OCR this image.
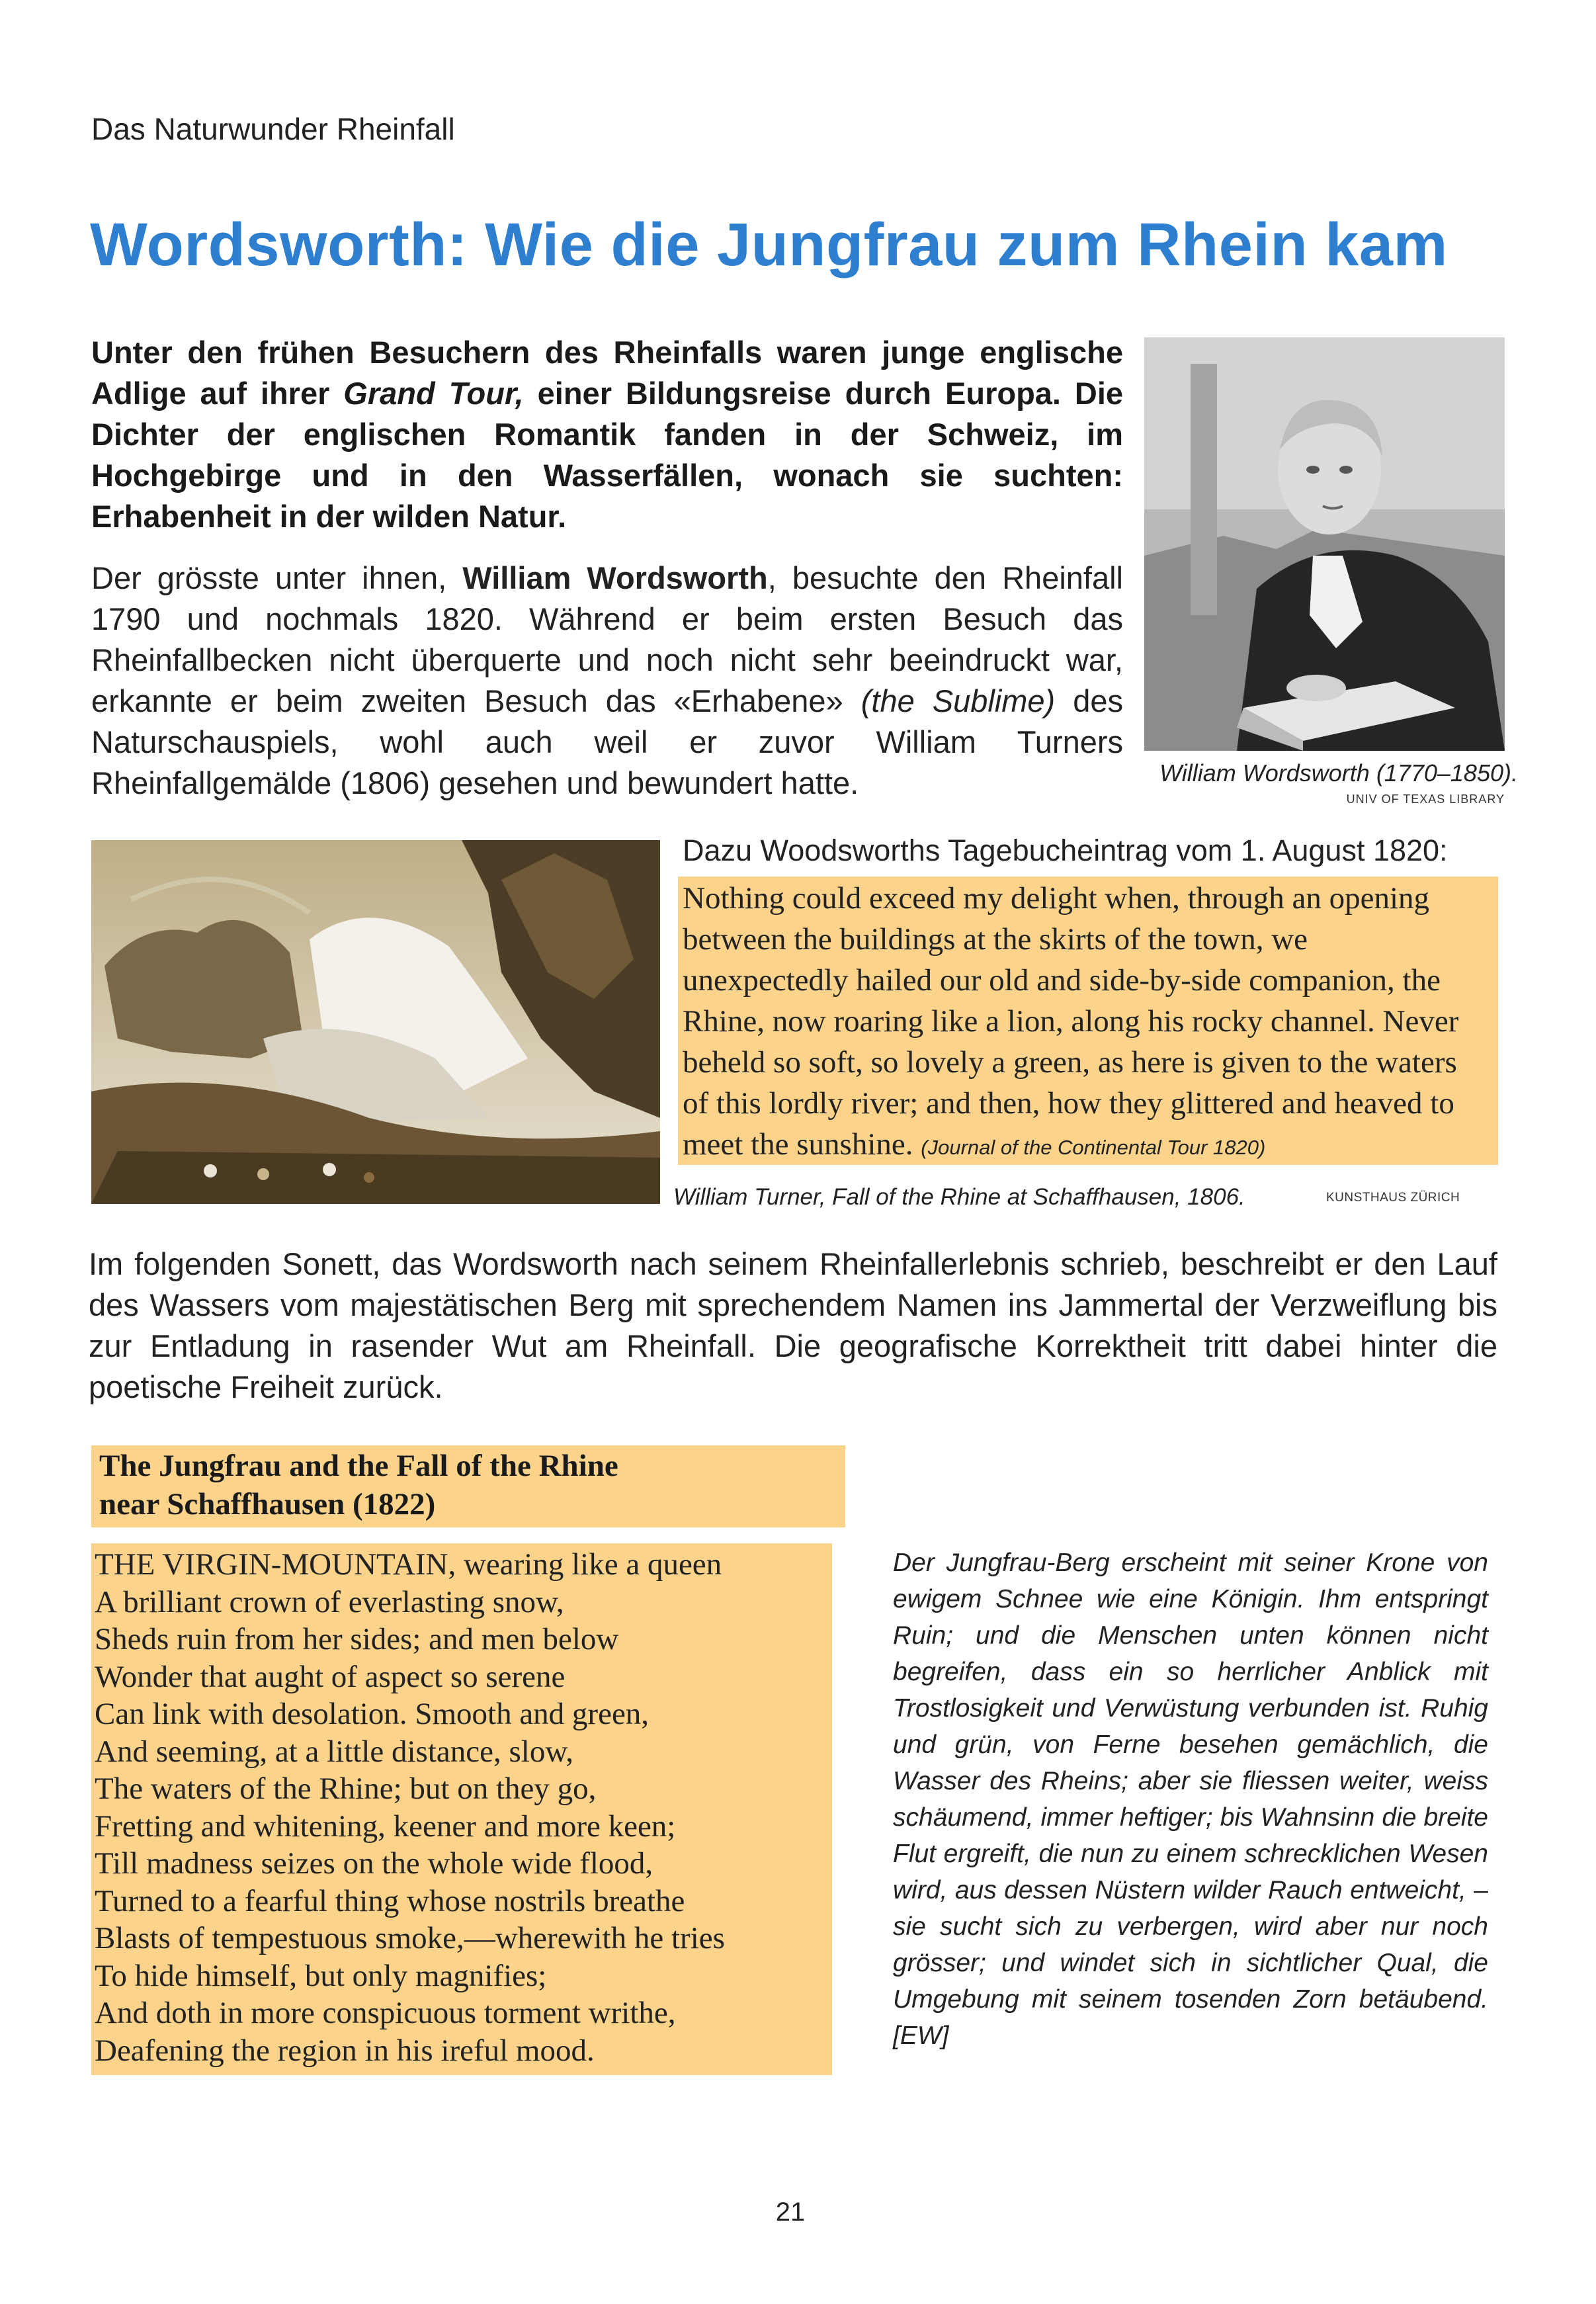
Das Naturwunder Rheinfall
Wordsworth: Wie die Jungfrau zum Rhein kam
Unter den frühen Besuchern des Rheinfalls waren junge englische Adlige auf ihrer Grand Tour, einer Bildungsreise durch Europa. Die Dichter der englischen Romantik fanden in der Schweiz, im Hochgebirge und in den Wasserfällen, wonach sie suchten: Erhabenheit in der wilden Natur.
Der grösste unter ihnen, William Wordsworth, besuchte den Rheinfall 1790 und nochmals 1820. Während er beim ersten Besuch das Rheinfallbecken nicht überquerte und noch nicht sehr beeindruckt war, erkannte er beim zweiten Besuch das «Erhabene» (the Sublime) des Naturschauspiels, wohl auch weil er zuvor William Turners Rheinfallgemälde (1806) gesehen und bewundert hatte.	William Wordsworth (1770–1850).
UNIV OF TEXAS LIBRARY
Dazu Woodsworths Tagebucheintrag vom 1. August 1820:
Nothing could exceed my delight when, through an opening between the buildings at the skirts of the town, we unexpectedly hailed our old and side-by-side companion, the Rhine, now roaring like a lion, along his rocky channel. Never beheld so soft, so lovely a green, as here is given to the waters of this lordly river; and then, how they glittered and heaved to meet the sunshine. (Journal of the Continental Tour 1820)
William Turner, Fall of the Rhine at Schaffhausen, 1806.	KUNSTHAUS ZÜRICH
Im folgenden Sonett, das Wordsworth nach seinem Rheinfallerlebnis schrieb, beschreibt er den Lauf des Wassers vom majestätischen Berg mit sprechendem Namen ins Jammertal der Verzweiflung bis zur Entladung in rasender Wut am Rheinfall. Die geografische Korrektheit tritt dabei hinter die poetische Freiheit zurück.
The Jungfrau and the Fall of the Rhine
near Schaffhausen (1822)
THE VIRGIN-MOUNTAIN, wearing like a queen
A brilliant crown of everlasting snow,
Sheds ruin from her sides; and men below
Wonder that aught of aspect so serene
Can link with desolation. Smooth and green,
And seeming, at a little distance, slow,
The waters of the Rhine; but on they go,
Fretting and whitening, keener and more keen;
Till madness seizes on the whole wide flood,
Turned to a fearful thing whose nostrils breathe
Blasts of tempestuous smoke,—wherewith he tries
To hide himself, but only magnifies;
And doth in more conspicuous torment writhe,
Deafening the region in his ireful mood.
Der Jungfrau-Berg erscheint mit seiner Krone von ewigem Schnee wie eine Königin. Ihm entspringt Ruin; und die Menschen unten können nicht begreifen, dass ein so herrlicher Anblick mit Trostlosigkeit und Verwüstung verbunden ist. Ruhig und grün, von Ferne besehen gemächlich, die Wasser des Rheins; aber sie fliessen weiter, weiss schäumend, immer heftiger; bis Wahnsinn die breite Flut ergreift, die nun zu einem schrecklichen Wesen wird, aus dessen Nüstern wilder Rauch entweicht, – sie sucht sich zu verbergen, wird aber nur noch grösser; und windet sich in sichtlicher Qual, die Umgebung mit seinem tosenden Zorn betäubend. [EW]
21
